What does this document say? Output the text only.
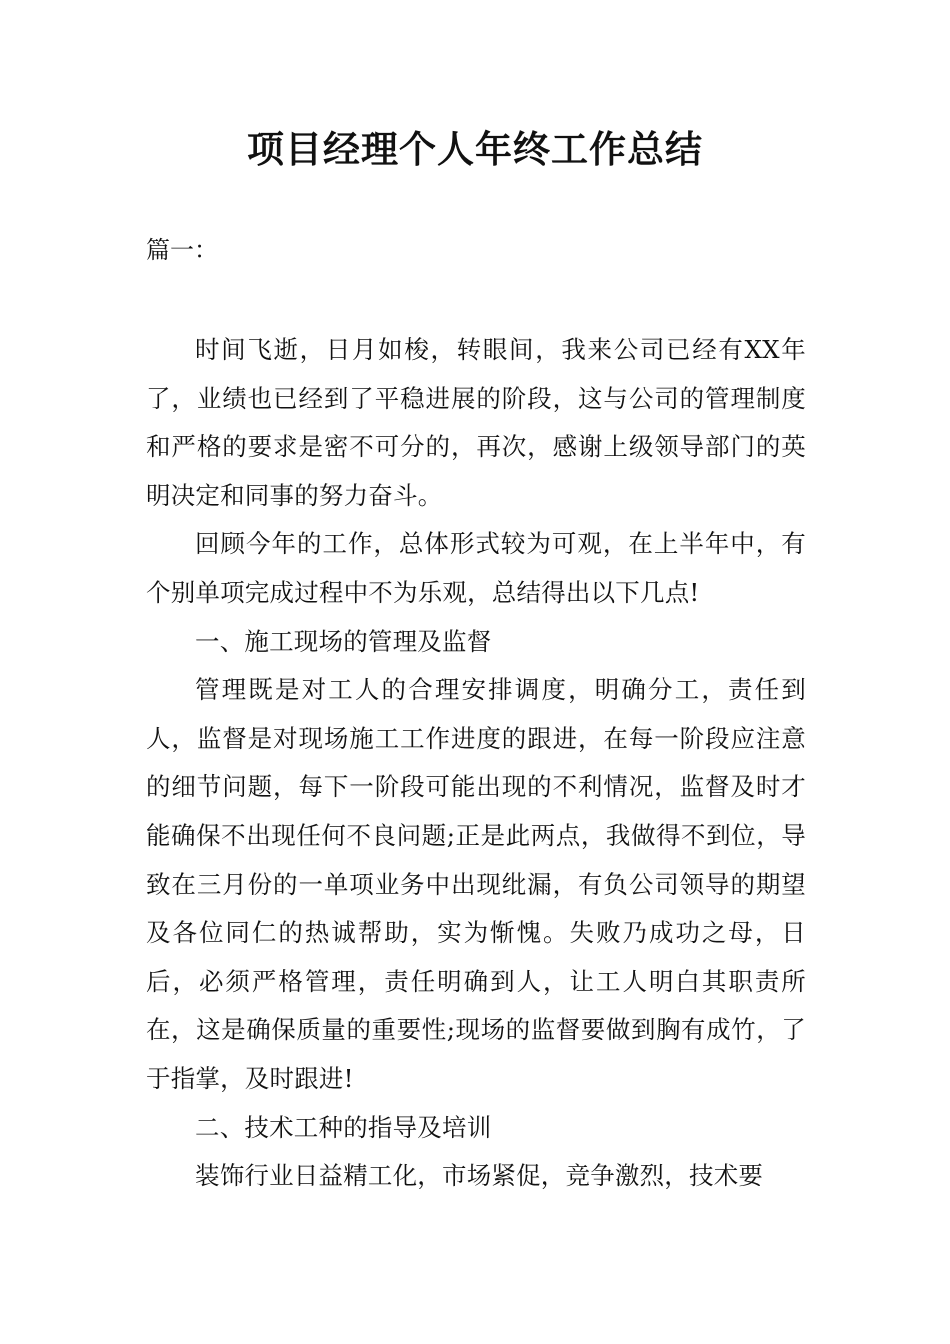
项目经理个人年终工作总结

篇一：

时间飞逝，日月如梭，转眼间，我来公司已经有XX年了，业绩也已经到了平稳进展的阶段，这与公司的管理制度和严格的要求是密不可分的，再次，感谢上级领导部门的英明决定和同事的努力奋斗。

回顾今年的工作，总体形式较为可观，在上半年中，有个别单项完成过程中不为乐观，总结得出以下几点!

一、施工现场的管理及监督

管理既是对工人的合理安排调度，明确分工，责任到人，监督是对现场施工工作进度的跟进，在每一阶段应注意的细节问题，每下一阶段可能出现的不利情况，监督及时才能确保不出现任何不良问题;正是此两点，我做得不到位，导致在三月份的一单项业务中出现纰漏，有负公司领导的期望及各位同仁的热诚帮助，实为惭愧。失败乃成功之母，日后，必须严格管理，责任明确到人，让工人明白其职责所在，这是确保质量的重要性;现场的监督要做到胸有成竹，了于指掌，及时跟进!

二、技术工种的指导及培训

装饰行业日益精工化，市场紧促，竞争激烈，技术要
